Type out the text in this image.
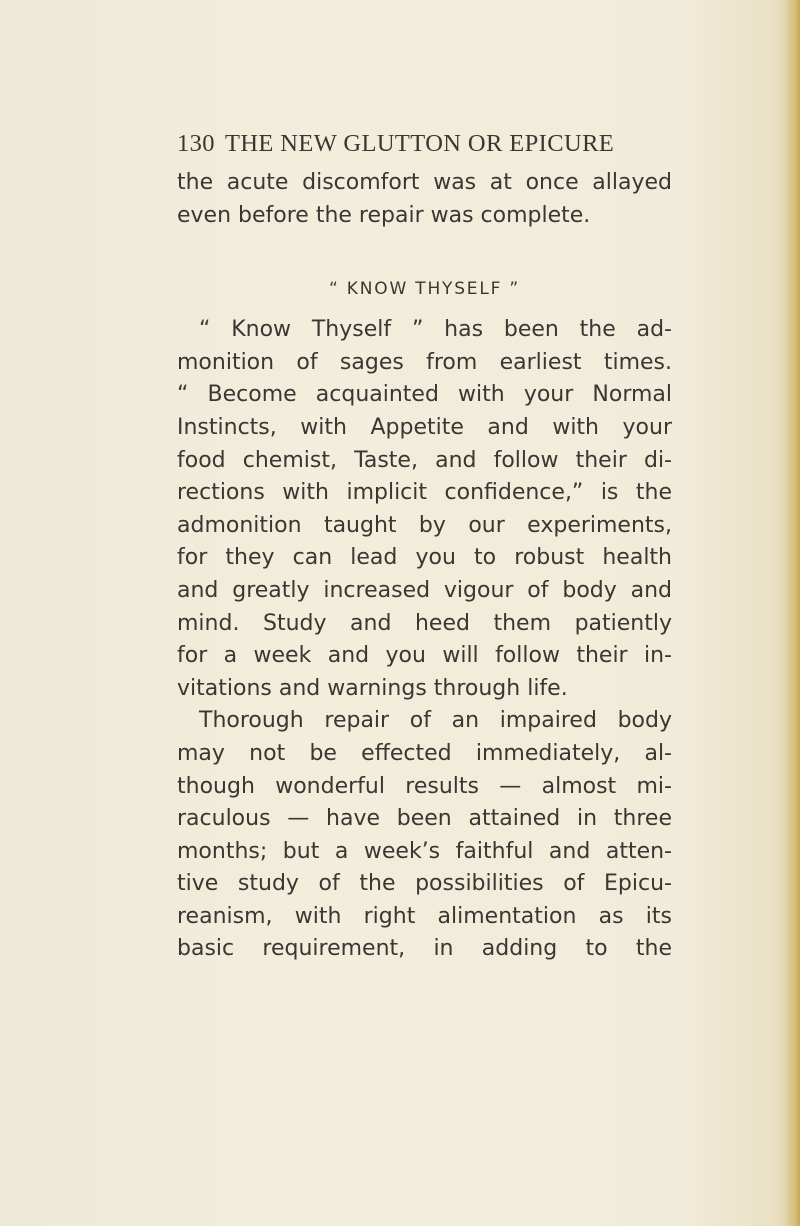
130 THE NEW GLUTTON OR EPICURE
the acute discomfort was at once allayed
even before the repair was complete.
“ KNOW THYSELF ”
“ Know Thyself ” has been the ad-
monition of sages from earliest times.
“ Become acquainted with your Normal
Instincts, with Appetite and with your
food chemist, Taste, and follow their di-
rections with implicit confidence,” is the
admonition taught by our experiments,
for they can lead you to robust health
and greatly increased vigour of body and
mind. Study and heed them patiently
for a week and you will follow their in-
vitations and warnings through life.
Thorough repair of an impaired body
may not be effected immediately, al-
though wonderful results — almost mi-
raculous — have been attained in three
months; but a week’s faithful and atten-
tive study of the possibilities of Epicu-
reanism, with right alimentation as its
basic requirement, in adding to the
